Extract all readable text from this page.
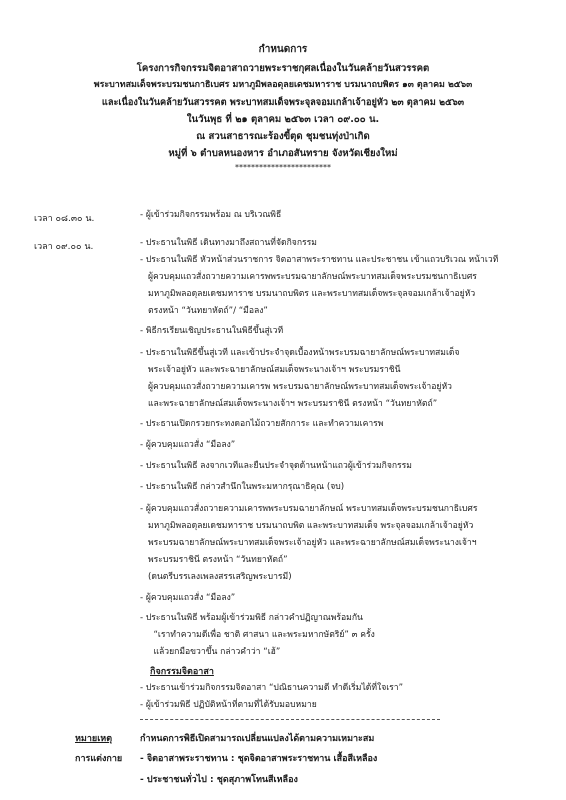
กำหนดการ
โครงการกิจกรรมจิตอาสาถวายพระราชกุศลเนื่องในวันคล้ายวันสวรรคต
พระบาทสมเด็จพระบรมชนกาธิเบศร มหาภูมิพลอดุลยเดชมหาราช บรมนาถบพิตร ๑๓ ตุลาคม ๒๕๖๓
และเนื่องในวันคล้ายวันสวรรคต พระบาทสมเด็จพระจุลจอมเกล้าเจ้าอยู่หัว ๒๓ ตุลาคม ๒๕๖๓
ในวันพุธ ที่ ๒๑ ตุลาคม ๒๕๖๓ เวลา ๐๙.๐๐ น.
ณ สวนสาธารณะร้องขี้ตุด ชุมชนทุ่งป่าเกิด
หมู่ที่ ๖ ตำบลหนองหาร อำเภอสันทราย จังหวัดเชียงใหม่
************************
เวลา ๐๘.๓๐ น.	- ผู้เข้าร่วมกิจกรรมพร้อม ณ บริเวณพิธี
เวลา ๐๙.๐๐ น.	- ประธานในพิธี เดินทางมาถึงสถานที่จัดกิจกรรม
- ประธานในพิธี หัวหน้าส่วนราชการ จิตอาสาพระราชทาน และประชาชน เข้าแถวบริเวณ หน้าเวที
ผู้ควบคุมแถวสั่งถวายความเคารพพระบรมฉายาลักษณ์พระบาทสมเด็จพระบรมชนกาธิเบศร
มหาภูมิพลอดุลยเดชมหาราช บรมนาถบพิตร และพระบาทสมเด็จพระจุลจอมเกล้าเจ้าอยู่หัว
ตรงหน้า “วันทยาหัตถ์”/ “มือลง”
- พิธีกรเรียนเชิญประธานในพิธีขึ้นสู่เวที
- ประธานในพิธีขึ้นสู่เวที และเข้าประจำจุดเบื้องหน้าพระบรมฉายาลักษณ์พระบาทสมเด็จ
พระเจ้าอยู่หัว และพระฉายาลักษณ์สมเด็จพระนางเจ้าฯ พระบรมราชินี
ผู้ควบคุมแถวสั่งถวายความเคารพ พระบรมฉายาลักษณ์พระบาทสมเด็จพระเจ้าอยู่หัว
และพระฉายาลักษณ์สมเด็จพระนางเจ้าฯ พระบรมราชินี ตรงหน้า “วันทยาหัตถ์”
- ประธานเปิดกรวยกระทงดอกไม้ถวายสักการะ และทำความเคารพ
- ผู้ควบคุมแถวสั่ง “มือลง”
- ประธานในพิธี ลงจากเวทีและยืนประจำจุดด้านหน้าแถวผู้เข้าร่วมกิจกรรม
- ประธานในพิธี กล่าวสำนึกในพระมหากรุณาธิคุณ (จบ)
- ผู้ควบคุมแถวสั่งถวายความเคารพพระบรมฉายาลักษณ์ พระบาทสมเด็จพระบรมชนกาธิเบศร
มหาภูมิพลอดุลยเดชมหาราช บรมนาถบพิต และพระบาทสมเด็จ พระจุลจอมเกล้าเจ้าอยู่หัว
พระบรมฉายาลักษณ์พระบาทสมเด็จพระเจ้าอยู่หัว และพระฉายาลักษณ์สมเด็จพระนางเจ้าฯ
พระบรมราชินี ตรงหน้า “วันทยาหัตถ์”
(ดนตรีบรรเลงเพลงสรรเสริญพระบารมี)
- ผู้ควบคุมแถวสั่ง “มือลง”
- ประธานในพิธี พร้อมผู้เข้าร่วมพิธี กล่าวคำปฏิญาณพร้อมกัน
“เราทำความดีเพื่อ ชาติ ศาสนา และพระมหากษัตริย์” ๓ ครั้ง
แล้วยกมือขวาขึ้น กล่าวคำว่า “เฮ้”
กิจกรรมจิตอาสา
- ประธานเข้าร่วมกิจกรรมจิตอาสา “ปณิธานความดี ทำดีเริ่มได้ที่ใจเรา”
- ผู้เข้าร่วมพิธี ปฏิบัติหน้าที่ตามที่ได้รับมอบหมาย
หมายเหตุ	กำหนดการพิธีเปิดสามารถเปลี่ยนแปลงได้ตามความเหมาะสม
การแต่งกาย - จิตอาสาพระราชทาน : ชุดจิตอาสาพระราชทาน เสื้อสีเหลือง
- ประชาชนทั่วไป : ชุดสุภาพโทนสีเหลือง
